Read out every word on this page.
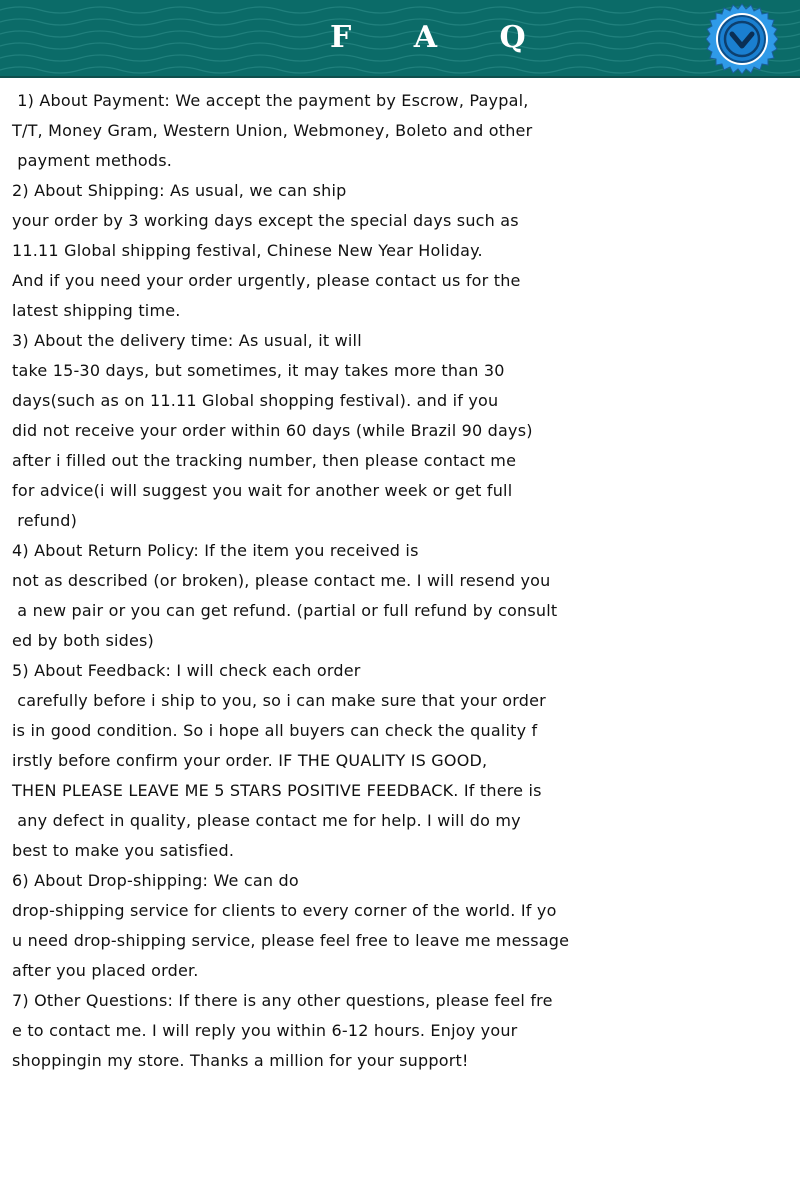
F A Q
1) About Payment: We accept the payment by Escrow, Paypal,
T/T, Money Gram, Western Union, Webmoney, Boleto and other
payment methods.
2) About Shipping: As usual, we can ship
your order by 3 working days except the special days such as
11.11 Global shipping festival, Chinese New Year Holiday.
And if you need your order urgently, please contact us for the
latest shipping time.
3) About the delivery time: As usual, it will
take 15-30 days, but sometimes, it may takes more than 30
days(such as on 11.11 Global shopping festival). and if you
did not receive your order within 60 days (while Brazil 90 days)
after i filled out the tracking number, then please contact me
for advice(i will suggest you wait for another week or get full
refund)
4) About Return Policy: If the item you received is
not as described (or broken), please contact me. I will resend you
a new pair or you can get refund. (partial or full refund by consult
ed by both sides)
5) About Feedback: I will check each order
carefully before i ship to you, so i can make sure that your order
is in good condition. So i hope all buyers can check the quality f
irstly before confirm your order. IF THE QUALITY IS GOOD,
THEN PLEASE LEAVE ME 5 STARS POSITIVE FEEDBACK. If there is
any defect in quality, please contact me for help. I will do my
best to make you satisfied.
6) About Drop-shipping: We can do
drop-shipping service for clients to every corner of the world. If yo
u need drop-shipping service, please feel free to leave me message
after you placed order.
7) Other Questions: If there is any other questions, please feel fre
e to contact me. I will reply you within 6-12 hours. Enjoy your
shoppingin my store. Thanks a million for your support!
